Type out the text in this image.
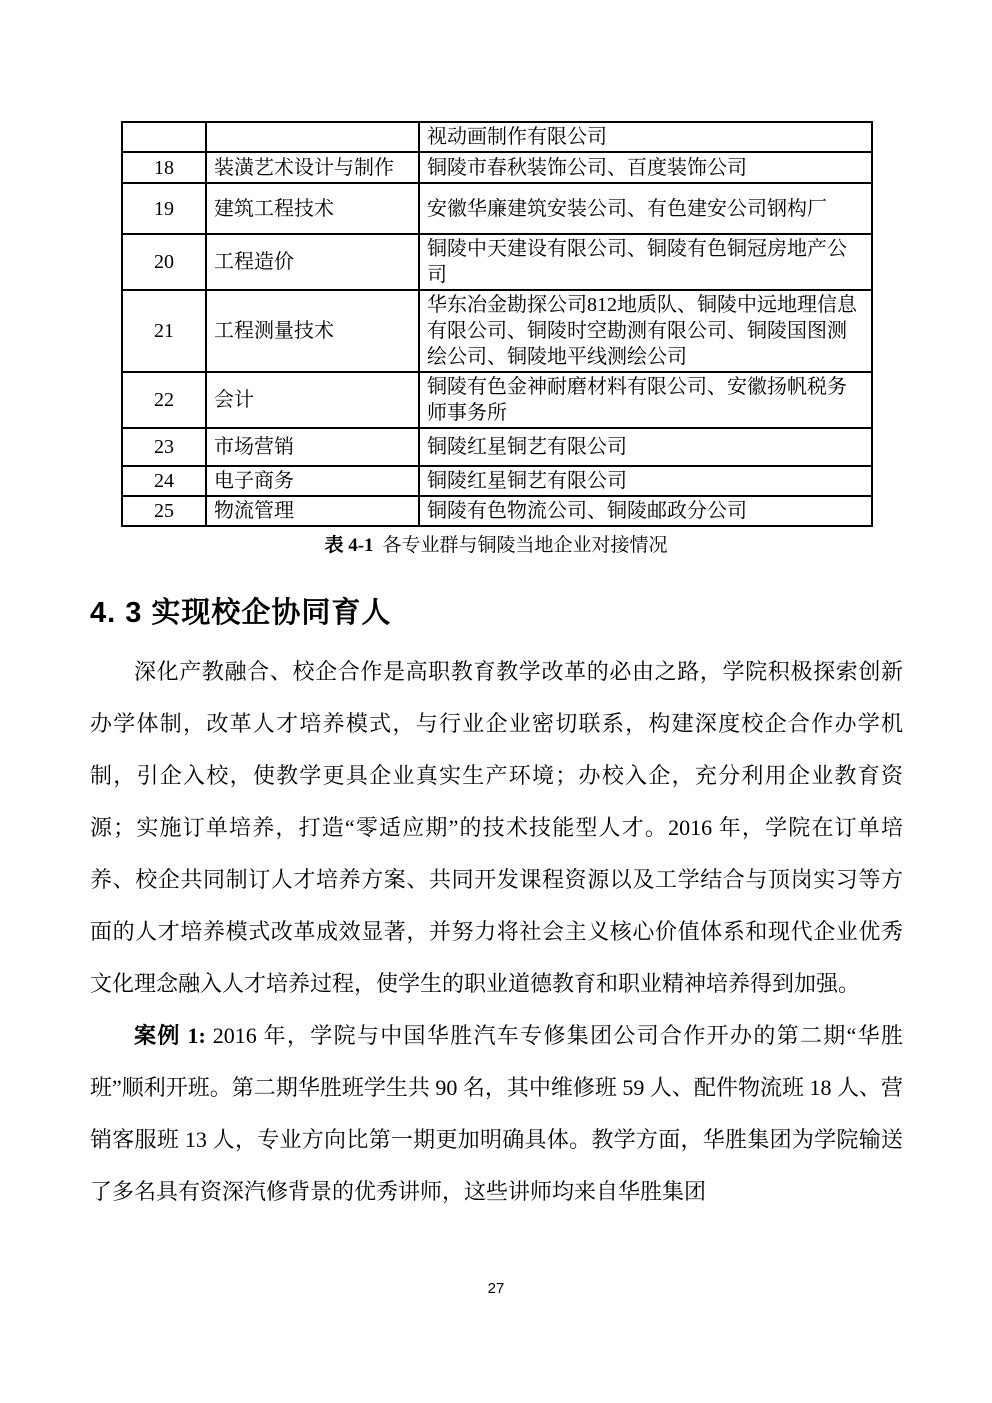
		视动画制作有限公司
18	装潢艺术设计与制作	铜陵市春秋装饰公司、百度装饰公司
19	建筑工程技术	安徽华廉建筑安装公司、有色建安公司钢构厂
20	工程造价	铜陵中天建设有限公司、铜陵有色铜冠房地产公司
21	工程测量技术	华东冶金勘探公司812地质队、铜陵中远地理信息有限公司、铜陵时空勘测有限公司、铜陵国图测绘公司、铜陵地平线测绘公司
22	会计	铜陵有色金神耐磨材料有限公司、安徽扬帆税务师事务所
23	市场营销	铜陵红星铜艺有限公司
24	电子商务	铜陵红星铜艺有限公司
25	物流管理	铜陵有色物流公司、铜陵邮政分公司
表 4-1 各专业群与铜陵当地企业对接情况
4. 3 实现校企协同育人

深化产教融合、校企合作是高职教育教学改革的必由之路，学院积极探索创新办学体制，改革人才培养模式，与行业企业密切联系，构建深度校企合作办学机制，引企入校，使教学更具企业真实生产环境；办校入企，充分利用企业教育资源；实施订单培养，打造“零适应期”的技术技能型人才。2016 年，学院在订单培养、校企共同制订人才培养方案、共同开发课程资源以及工学结合与顶岗实习等方面的人才培养模式改革成效显著，并努力将社会主义核心价值体系和现代企业优秀文化理念融入人才培养过程，使学生的职业道德教育和职业精神培养得到加强。

案例 1: 2016 年，学院与中国华胜汽车专修集团公司合作开办的第二期“华胜班”顺利开班。第二期华胜班学生共 90 名，其中维修班 59 人、配件物流班 18 人、营销客服班 13 人，专业方向比第一期更加明确具体。教学方面，华胜集团为学院输送了多名具有资深汽修背景的优秀讲师，这些讲师均来自华胜集团

27
